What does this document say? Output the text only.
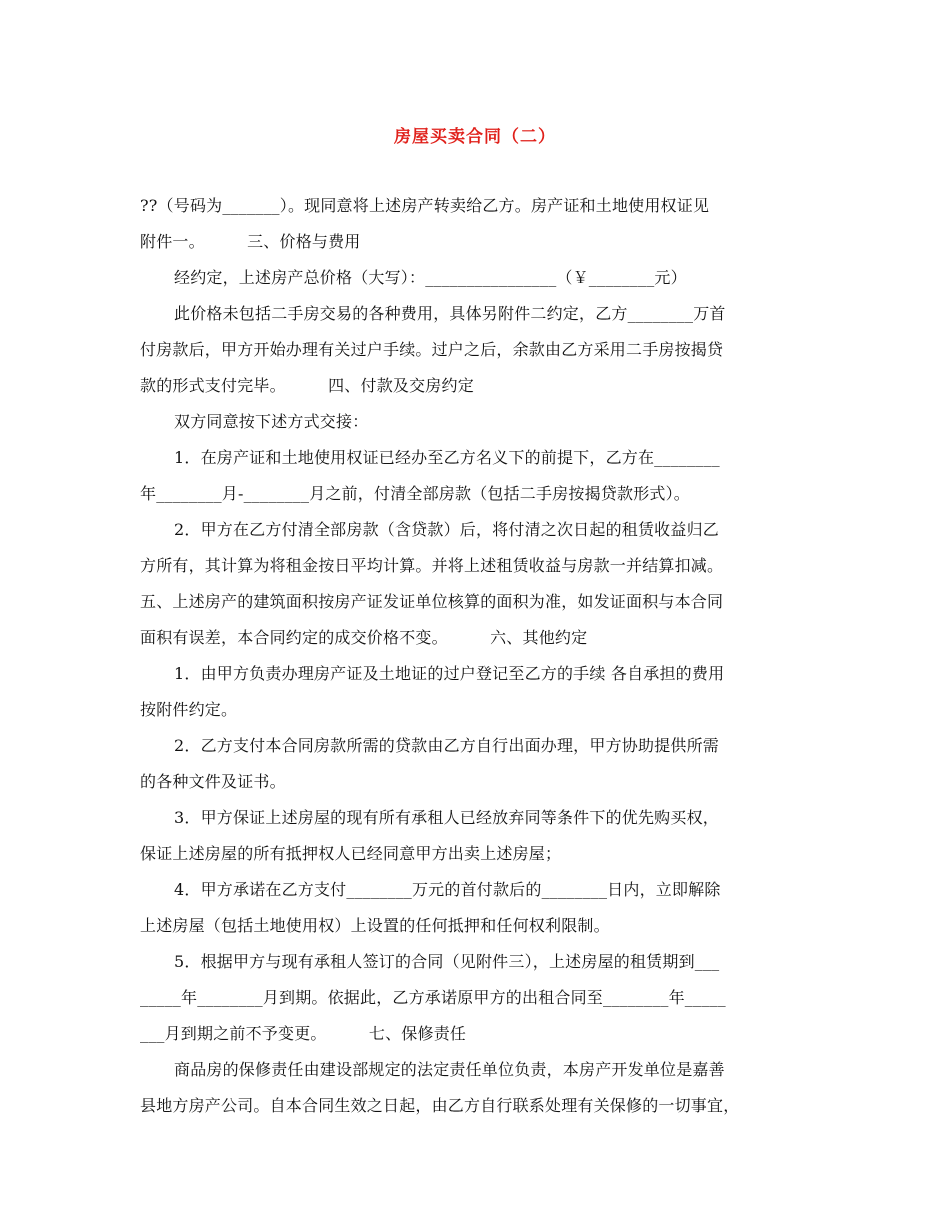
房屋买卖合同（二）
??（号码为_______）。现同意将上述房产转卖给乙方。房产证和土地使用权证见
附件一。        三、价格与费用
经约定，上述房产总价格（大写）：________________（￥________元）
此价格未包括二手房交易的各种费用，具体另附件二约定，乙方________万首
付房款后，甲方开始办理有关过户手续。过户之后，余款由乙方采用二手房按揭贷
款的形式支付完毕。        四、付款及交房约定
双方同意按下述方式交接：
1．在房产证和土地使用权证已经办至乙方名义下的前提下，乙方在________
年________月-________月之前，付清全部房款（包括二手房按揭贷款形式）。
2．甲方在乙方付清全部房款（含贷款）后，将付清之次日起的租赁收益归乙
方所有，其计算为将租金按日平均计算。并将上述租赁收益与房款一并结算扣减。
五、上述房产的建筑面积按房产证发证单位核算的面积为准，如发证面积与本合同
面积有误差，本合同约定的成交价格不变。        六、其他约定
1．由甲方负责办理房产证及土地证的过户登记至乙方的手续 各自承担的费用
按附件约定。
2．乙方支付本合同房款所需的贷款由乙方自行出面办理，甲方协助提供所需
的各种文件及证书。
3．甲方保证上述房屋的现有所有承租人已经放弃同等条件下的优先购买权，
保证上述房屋的所有抵押权人已经同意甲方出卖上述房屋；
4．甲方承诺在乙方支付________万元的首付款后的________日内，立即解除
上述房屋（包括土地使用权）上设置的任何抵押和任何权利限制。
5．根据甲方与现有承租人签订的合同（见附件三），上述房屋的租赁期到___
_____年________月到期。依据此，乙方承诺原甲方的出租合同至________年_____
___月到期之前不予变更。        七、保修责任
商品房的保修责任由建设部规定的法定责任单位负责，本房产开发单位是嘉善
县地方房产公司。自本合同生效之日起，由乙方自行联系处理有关保修的一切事宜，
